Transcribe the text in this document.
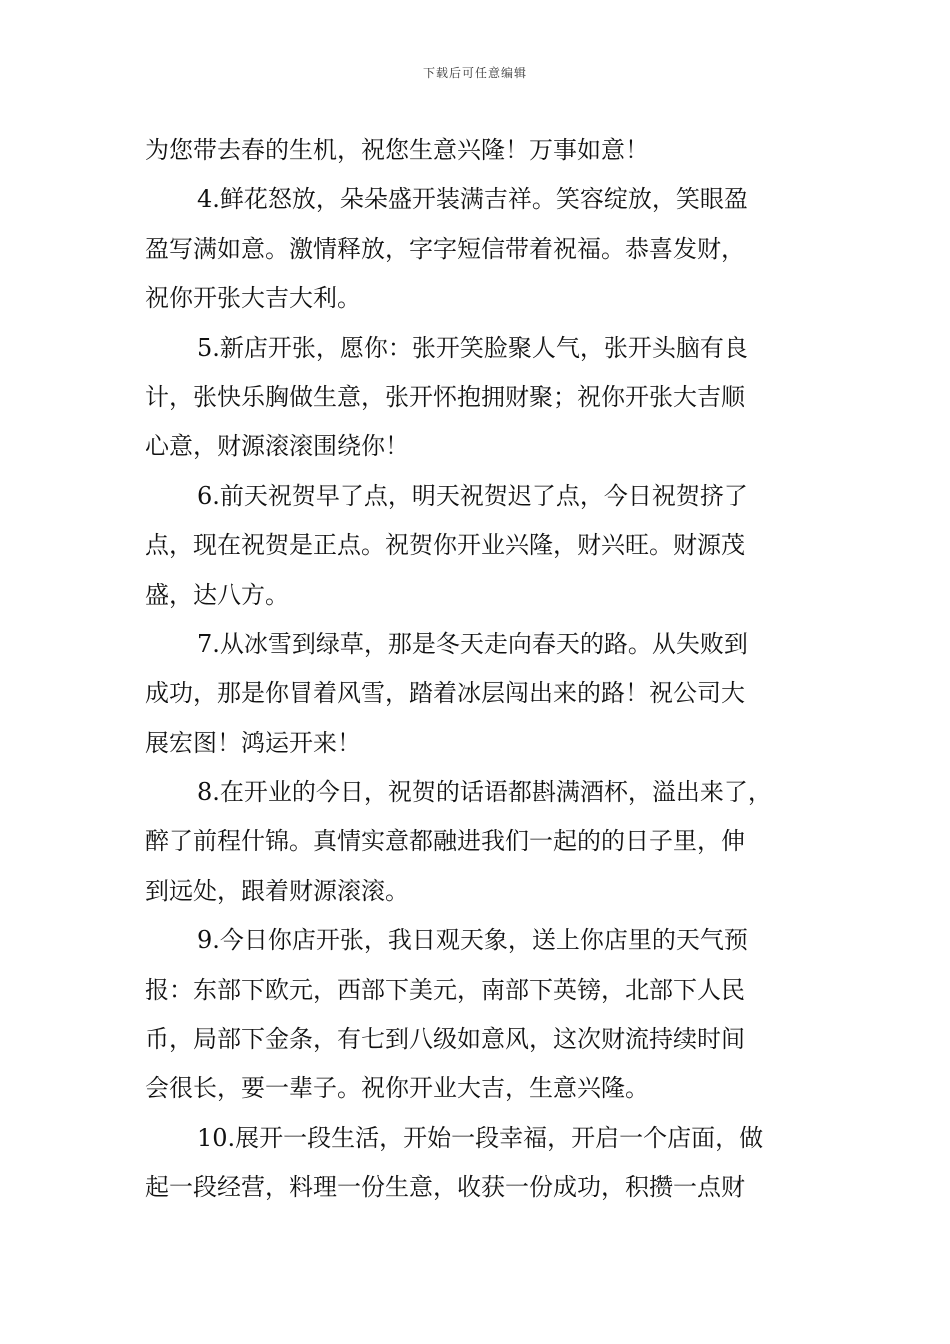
下载后可任意编辑
为您带去春的生机，祝您生意兴隆！万事如意！
4.鲜花怒放，朵朵盛开装满吉祥。笑容绽放，笑眼盈
盈写满如意。激情释放，字字短信带着祝福。恭喜发财，
祝你开张大吉大利。
5.新店开张，愿你：张开笑脸聚人气，张开头脑有良
计，张快乐胸做生意，张开怀抱拥财聚；祝你开张大吉顺
心意，财源滚滚围绕你！
6.前天祝贺早了点，明天祝贺迟了点，今日祝贺挤了
点，现在祝贺是正点。祝贺你开业兴隆，财兴旺。财源茂
盛，达八方。
7.从冰雪到绿草，那是冬天走向春天的路。从失败到
成功，那是你冒着风雪，踏着冰层闯出来的路！祝公司大
展宏图！鸿运开来！
8.在开业的今日，祝贺的话语都斟满酒杯，溢出来了，
醉了前程什锦。真情实意都融进我们一起的的日子里，伸
到远处，跟着财源滚滚。
9.今日你店开张，我日观天象，送上你店里的天气预
报：东部下欧元，西部下美元，南部下英镑，北部下人民
币，局部下金条，有七到八级如意风，这次财流持续时间
会很长，要一辈子。祝你开业大吉，生意兴隆。
10.展开一段生活，开始一段幸福，开启一个店面，做
起一段经营，料理一份生意，收获一份成功，积攒一点财
